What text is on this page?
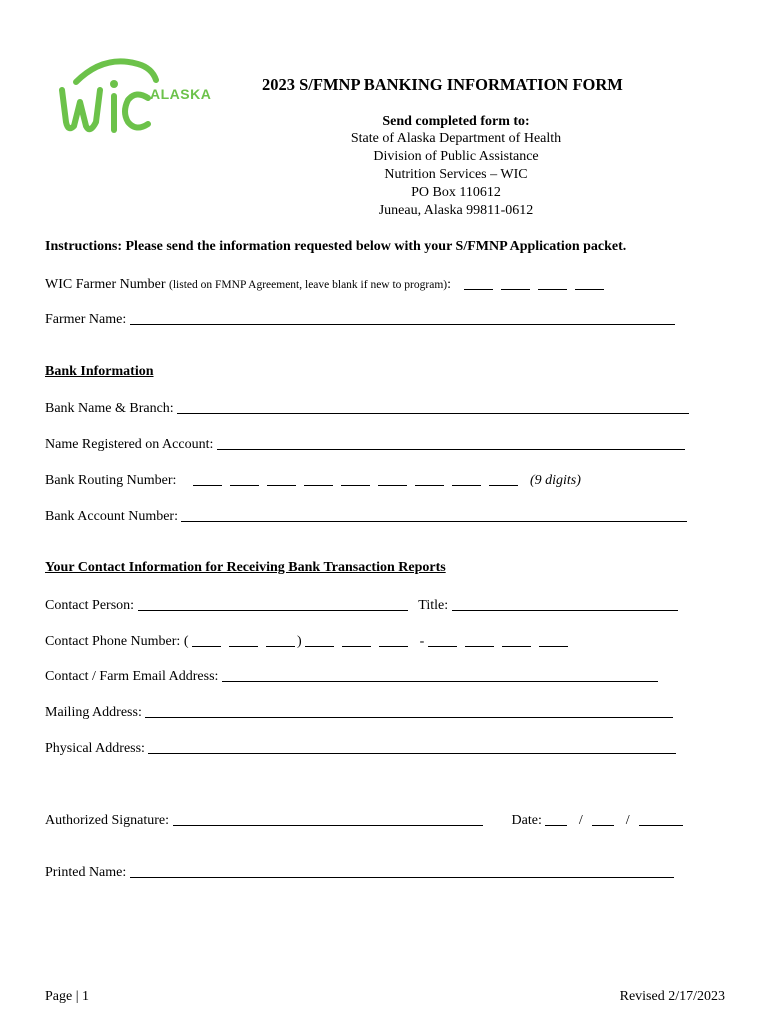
ALASKA	2023 S/FMNP BANKING INFORMATION FORM
Send completed form to:
State of Alaska Department of Health
Division of Public Assistance
Nutrition Services – WIC
PO Box 110612
Juneau, Alaska 99811-0612
Instructions: Please send the information requested below with your S/FMNP Application packet.
WIC Farmer Number (listed on FMNP Agreement, leave blank if new to program):
Farmer Name:
Bank Information
Bank Name & Branch:
Name Registered on Account:
Bank Routing Number:	(9 digits)
Bank Account Number:
Your Contact Information for Receiving Bank Transaction Reports
Contact Person:	Title:
Contact Phone Number: (	)	-
Contact / Farm Email Address:
Mailing Address:
Physical Address:
Authorized Signature:	Date:	/	/
Printed Name:
Page | 1	Revised 2/17/2023
